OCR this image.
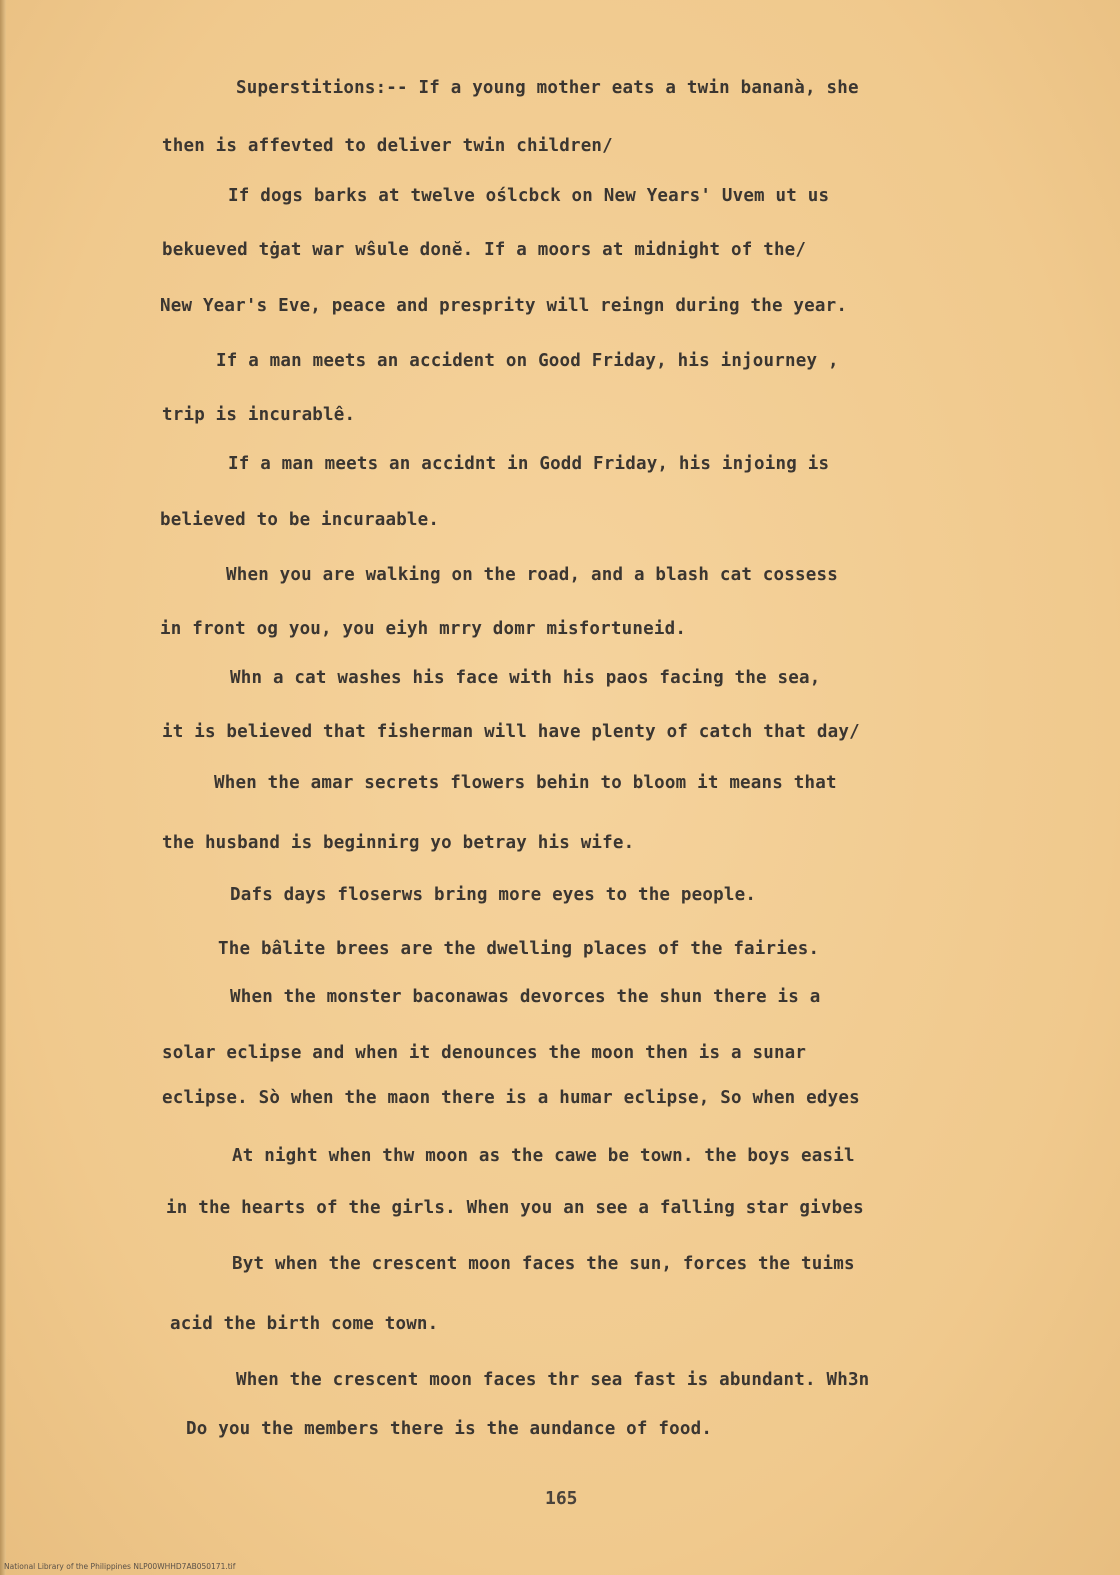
Superstitions:-- If a young mother eats a twin bananà, she
then is affevted to deliver twin children/
If dogs barks at twelve oślcbck on New Years' Uvem ut us
bekueved tġat war wŝule donĕ. If a moors at midnight of the/
New Year's Eve, peace and presprity will reingn during the year.
If a man meets an accident on Good Friday, his injourney ,
trip is incurablê.
If a man meets an accidnt in Godd Friday, his injoing is
believed to be incuraable.
When you are walking on the road, and a blash cat cossess
in front og you, you eiyh mrry domr misfortuneid.
Whn a cat washes his face with his paos facing the sea,
it is believed that fisherman will have plenty of catch that day/
When the amar secrets flowers behin to bloom it means that
the husband is beginnirg yo betray his wife.
Dafs days floserws bring more eyes to the people.
The bâlite brees are the dwelling places of the fairies.
When the monster baconawas devorces the shun there is a
solar eclipse and when it denounces the moon then is a sunar
eclipse. Sò when the maon there is a humar eclipse, So when edyes
At night when thw moon as the cawe be town. the boys easil
in the hearts of the girls. When you an see a falling star givbes
Byt when the crescent moon faces the sun, forces the tuims
acid the birth come town.
When the crescent moon faces thr sea fast is abundant. Wh3n
Do you the members there is the aundance of food.
165
National Library of the Philippines NLP00WHHD7AB050171.tif
